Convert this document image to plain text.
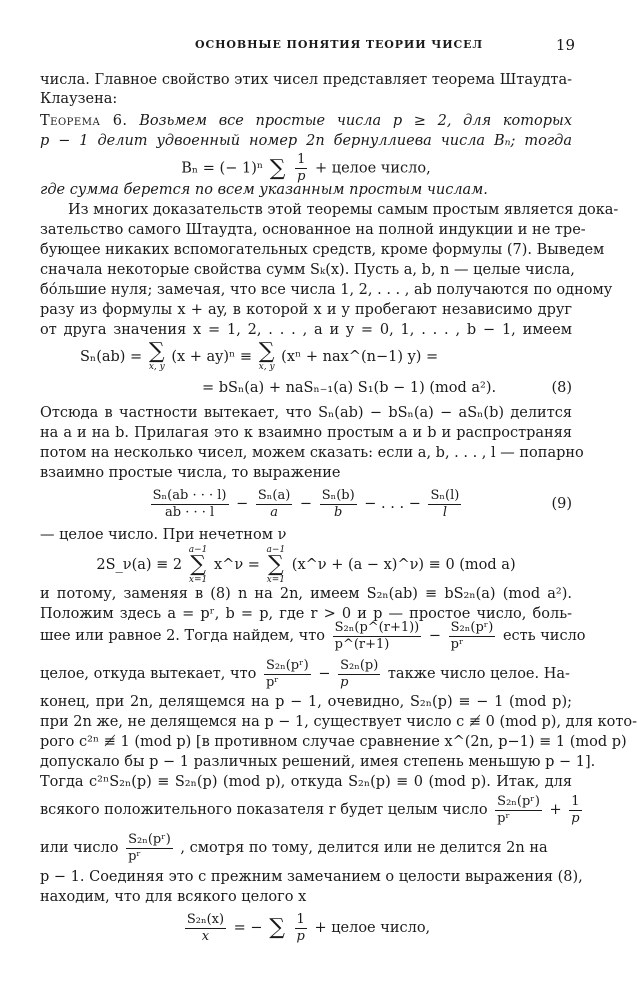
ОСНОВНЫЕ ПОНЯТИЯ ТЕОРИИ ЧИСЕЛ	19
числа. Главное свойство этих чисел представляет теорема Штаудта-
Клаузена:
Теорема 6. Возьмем все простые числа p ≥ 2, для которых
p − 1 делит удвоенный номер 2n бернуллиева числа Bₙ; тогда
Bₙ = (− 1)ⁿ ∑
$\frac{1}{p}$ + целое число,
где сумма берется по всем указанным простым числам.
Из многих доказательств этой теоремы самым простым является дока-
зательство самого Штаудта, основанное на полной индукции и не тре-
бующее никаких вспомогательных средств, кроме формулы (7). Выведем
сначала некоторые свойства сумм Sₖ(x). Пусть a, b, n — целые числа,
бо́льшие нуля; замечая, что все числа 1, 2, . . . , ab получаются по одному
разу из формулы x + ay, в которой x и y пробегают независимо друг
от друга значения x = 1, 2, . . . , a и y = 0, 1, . . . , b − 1, имеем
Sₙ(ab) = ∑
x, y
(x + ay)ⁿ ≡ ∑
x, y
(xⁿ + nax^(n−1) y) =
= bSₙ(a) + naSₙ₋₁(a) S₁(b − 1) (mod a²).	(8)
Отсюда в частности вытекает, что Sₙ(ab) − bSₙ(a) − aSₙ(b) делится
на a и на b. Прилагая это к взаимно простым a и b и распространяя
потом на несколько чисел, можем сказать: если a, b, . . . , l — попарно
взаимно простые числа, то выражение
$\frac{\text{Sₙ(ab · · · l)}}{ab \cdot \cdot \cdot l} - \frac{\text{Sₙ(a)}}{a} - \frac{\text{Sₙ(b)}}{b}$ − . . . − $\frac{\text{Sₙ(l)}}{l}$	(9)
— целое число. При нечетном ν
2S_ν(a) ≡ 2
a−1
∑
x=1
x^ν =
a−1
∑
x=1
(x^ν + (a − x)^ν) ≡ 0 (mod a)
и потому, заменяя в (8) n на 2n, имеем S₂ₙ(ab) ≡ bS₂ₙ(a) (mod a²).
Положим здесь a = pʳ, b = p, где r > 0 и p — простое число, боль-
шее или равное 2. Тогда найдем, что $\frac{\text{S₂ₙ(p\textasciicircum{}(r+1))}}{p\^{}(r+1)} - \frac{\text{S₂ₙ(pʳ)}}{\text{pʳ}}$ есть число
целое, откуда вытекает, что $\frac{\text{S₂ₙ(pʳ)}}{\text{pʳ}} - \frac{\text{S₂ₙ(p)}}{p}$ также число целое. На-
конец, при 2n, делящемся на p − 1, очевидно, S₂ₙ(p) ≡ − 1 (mod p);
при 2n же, не делящемся на p − 1, существует число c ≢ 0 (mod p), для кото-
рого c²ⁿ ≢ 1 (mod p) [в противном случае сравнение x^(2n, p−1) ≡ 1 (mod p)
допускало бы p − 1 различных решений, имея степень меньшую p − 1].
Тогда c²ⁿS₂ₙ(p) ≡ S₂ₙ(p) (mod p), откуда S₂ₙ(p) ≡ 0 (mod p). Итак, для
всякого положительного показателя r будет целым число $\frac{\text{S₂ₙ(pʳ)}}{\text{pʳ}} + \frac{1}{p}$
или число $\frac{\text{S₂ₙ(pʳ)}}{\text{pʳ}}$ , смотря по тому, делится или не делится 2n на
p − 1. Соединяя это с прежним замечанием о целости выражения (8),
находим, что для всякого целого x
$\frac{\text{S₂ₙ(x)}}{x}$ = − ∑
$\frac{1}{p}$ + целое число,
